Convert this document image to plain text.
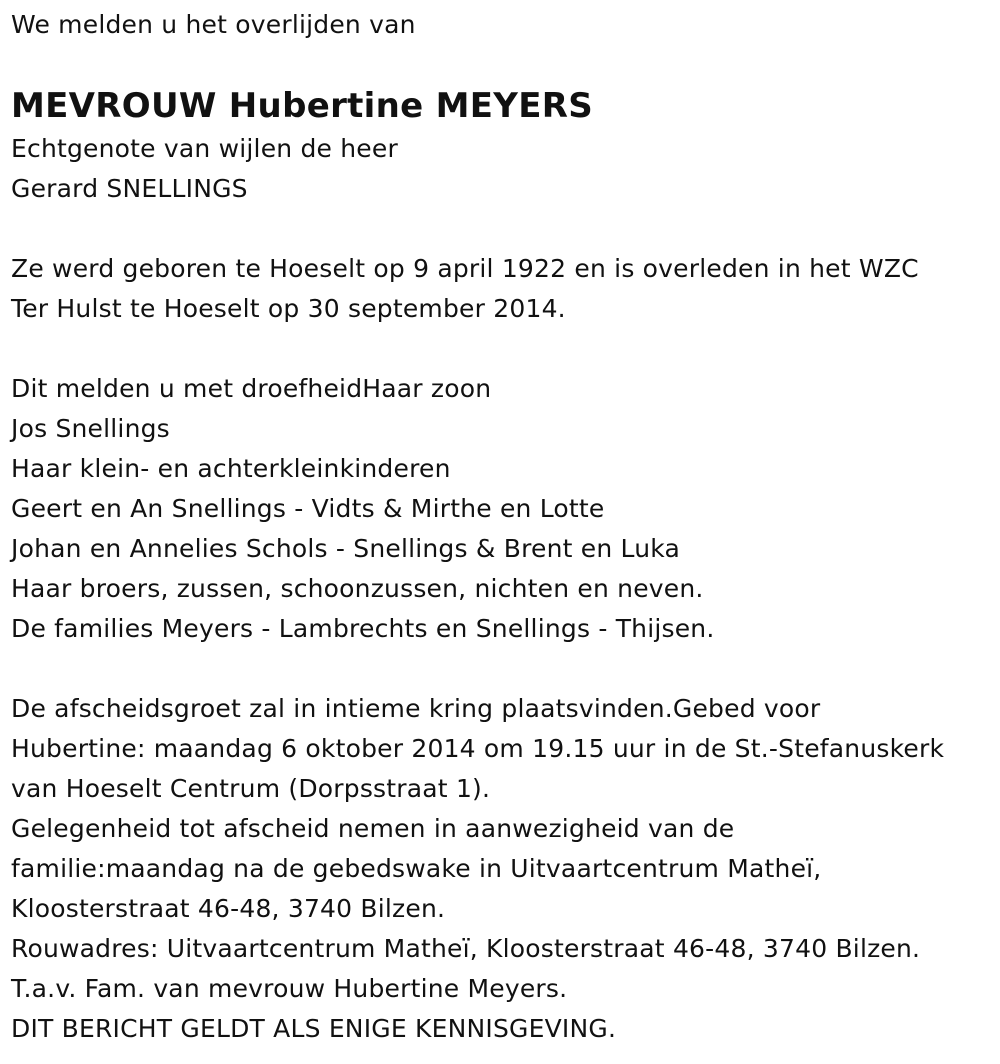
We melden u het overlijden van
MEVROUW Hubertine MEYERS
Echtgenote van wijlen de heer
Gerard SNELLINGS
Ze werd geboren te Hoeselt op 9 april 1922 en is overleden in het WZC
Ter Hulst te Hoeselt op 30 september 2014.
Dit melden u met droefheidHaar zoon
Jos Snellings
Haar klein- en achterkleinkinderen
Geert en An Snellings - Vidts & Mirthe en Lotte
Johan en Annelies Schols - Snellings & Brent en Luka
Haar broers, zussen, schoonzussen, nichten en neven.
De families Meyers - Lambrechts en Snellings - Thijsen.
De afscheidsgroet zal in intieme kring plaatsvinden.Gebed voor
Hubertine: maandag 6 oktober 2014 om 19.15 uur in de St.-Stefanuskerk
van Hoeselt Centrum (Dorpsstraat 1).
Gelegenheid tot afscheid nemen in aanwezigheid van de
familie:maandag na de gebedswake in Uitvaartcentrum Matheï,
Kloosterstraat 46-48, 3740 Bilzen.
Rouwadres: Uitvaartcentrum Matheï, Kloosterstraat 46-48, 3740 Bilzen.
T.a.v. Fam. van mevrouw Hubertine Meyers.
DIT BERICHT GELDT ALS ENIGE KENNISGEVING.
